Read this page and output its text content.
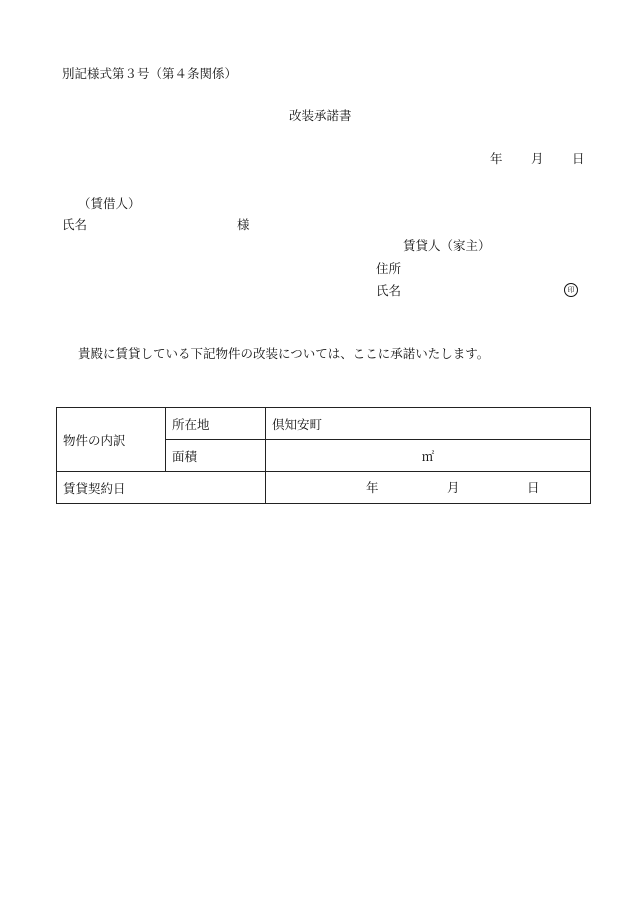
別記様式第３号（第４条関係）
改装承諾書
年 月 日
（賃借人）
氏名	様
賃貸人（家主）
住所
氏名	印
貴殿に賃貸している下記物件の改装については、ここに承諾いたします。
物件の内訳	所在地	倶知安町
	面積	㎡
賃貸契約日		年 月 日
